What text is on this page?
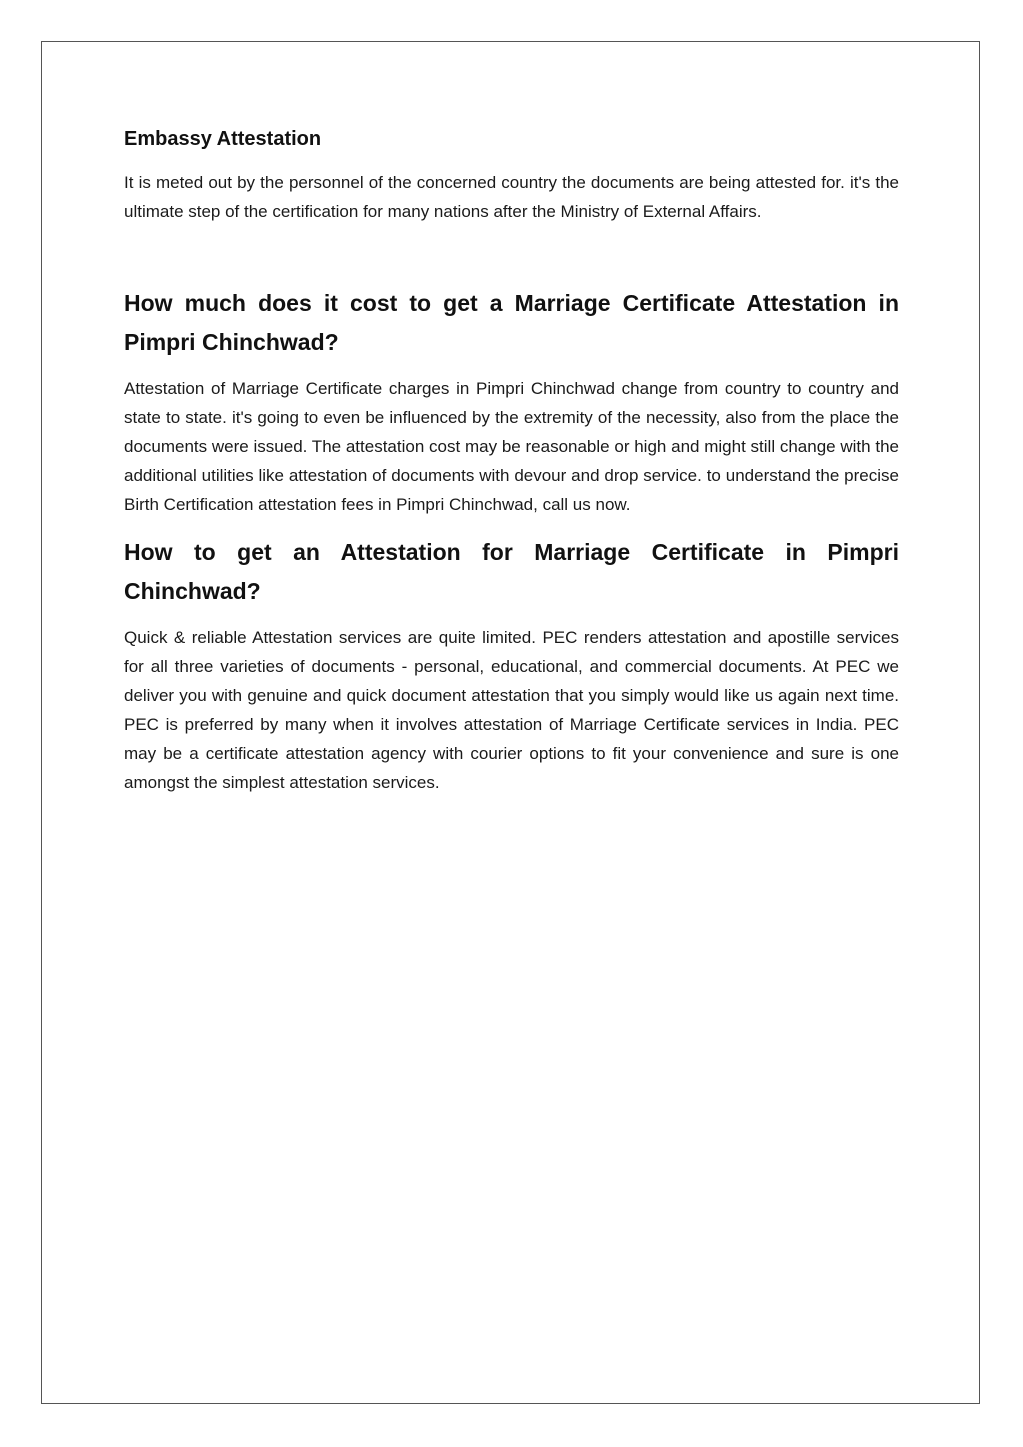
Embassy Attestation

It is meted out by the personnel of the concerned country the documents are being attested for. it's the ultimate step of the certification for many nations after the Ministry of External Affairs.

How much does it cost to get a Marriage Certificate Attestation in Pimpri Chinchwad?

Attestation of Marriage Certificate charges in Pimpri Chinchwad change from country to country and state to state. it's going to even be influenced by the extremity of the necessity, also from the place the documents were issued. The attestation cost may be reasonable or high and might still change with the additional utilities like attestation of documents with devour and drop service. to understand the precise Birth Certification attestation fees in Pimpri Chinchwad, call us now.

How to get an Attestation for Marriage Certificate in Pimpri Chinchwad?

Quick & reliable Attestation services are quite limited. PEC renders attestation and apostille services for all three varieties of documents - personal, educational, and commercial documents. At PEC we deliver you with genuine and quick document attestation that you simply would like us again next time. PEC is preferred by many when it involves attestation of Marriage Certificate services in India. PEC may be a certificate attestation agency with courier options to fit your convenience and sure is one amongst the simplest attestation services.
